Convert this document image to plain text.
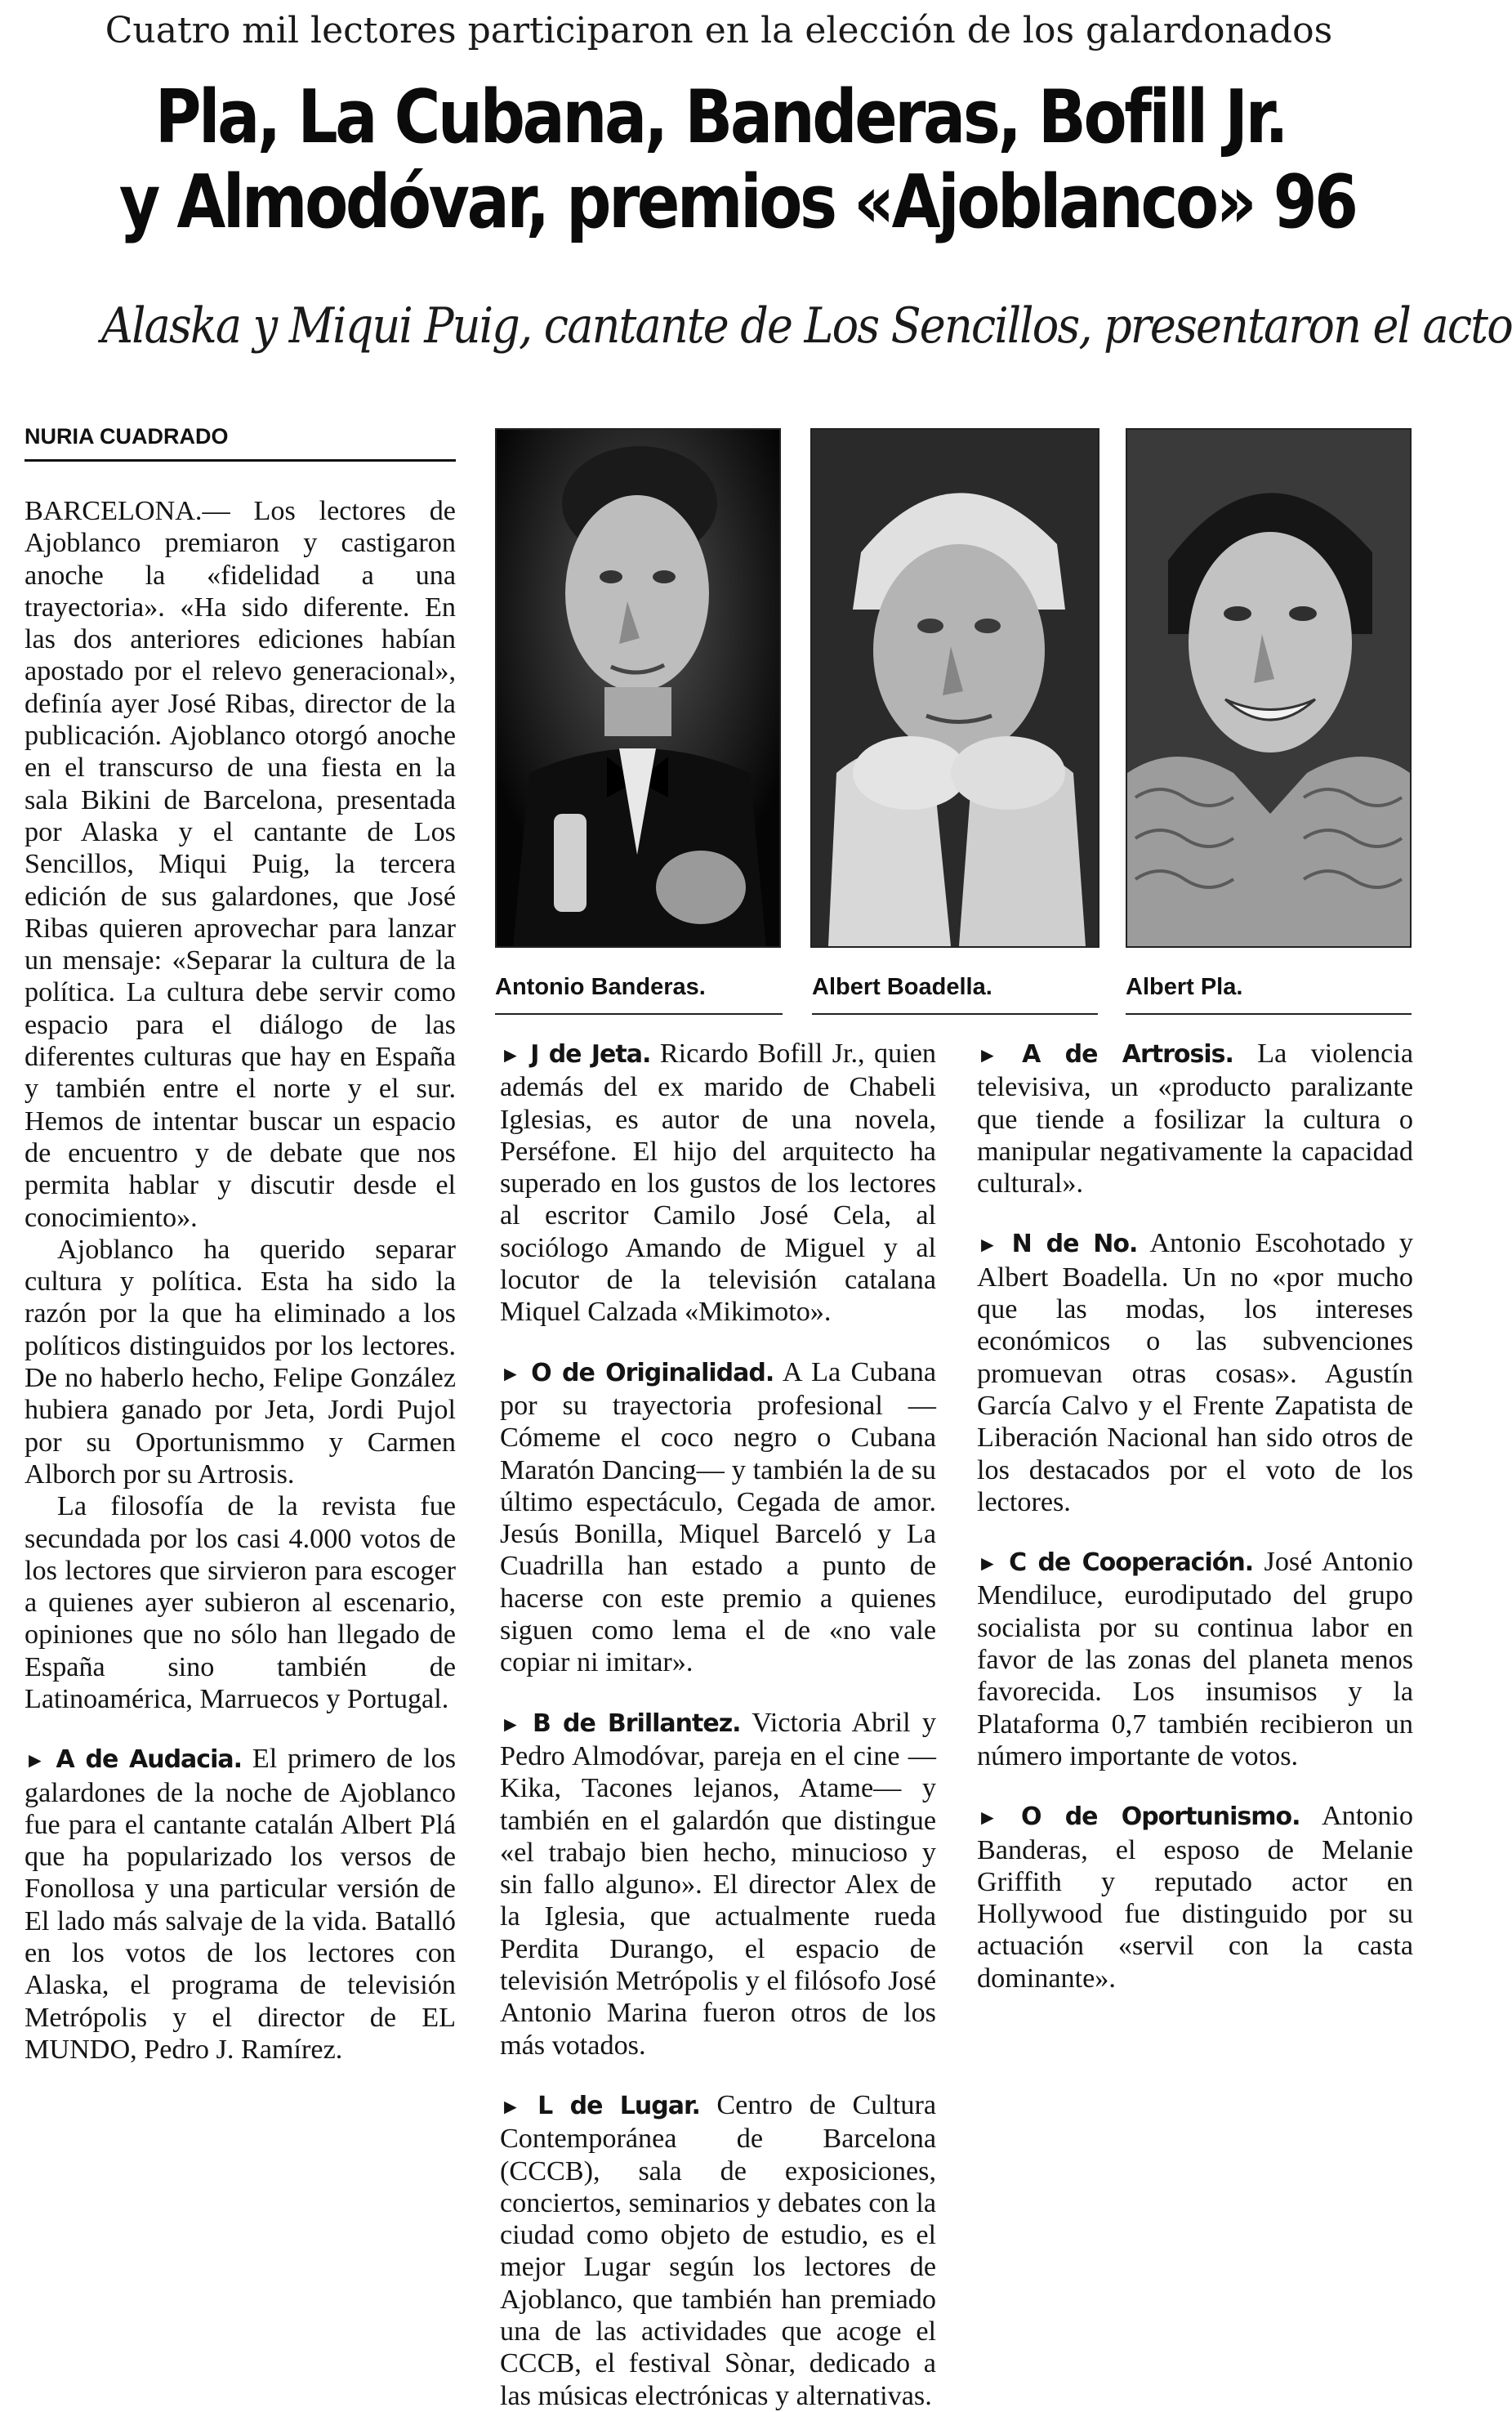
Cuatro mil lectores participaron en la elección de los galardonados
Pla, La Cubana, Banderas, Bofill Jr.
y Almodóvar, premios «Ajoblanco» 96
Alaska y Miqui Puig, cantante de Los Sencillos, presentaron el acto
NURIA CUADRADO

BARCELONA.— Los lectores de Ajoblanco premiaron y castigaron anoche la «fidelidad a una trayectoria». «Ha sido diferente. En las dos anteriores ediciones habían apostado por el relevo generacional», definía ayer José Ribas, director de la publicación. Ajoblanco otorgó anoche en el transcurso de una fiesta en la sala Bikini de Barcelona, presentada por Alaska y el cantante de Los Sencillos, Miqui Puig, la tercera edición de sus galardones, que José Ribas quieren aprovechar para lanzar un mensaje: «Separar la cultura de la política. La cultura debe servir como espacio para el diálogo de las diferentes culturas que hay en España y también entre el norte y el sur. Hemos de intentar buscar un espacio de encuentro y de debate que nos permita hablar y discutir desde el conocimiento».

Ajoblanco ha querido separar cultura y política. Esta ha sido la razón por la que ha eliminado a los políticos distinguidos por los lectores. De no haberlo hecho, Felipe González hubiera ganado por Jeta, Jordi Pujol por su Oportunismmo y Carmen Alborch por su Artrosis.

La filosofía de la revista fue secundada por los casi 4.000 votos de los lectores que sirvieron para escoger a quienes ayer subieron al escenario, opiniones que no sólo han llegado de España sino también de Latinoamérica, Marruecos y Portugal.

► A de Audacia. El primero de los galardones de la noche de Ajoblanco fue para el cantante catalán Albert Plá que ha popularizado los versos de Fonollosa y una particular versión de El lado más salvaje de la vida. Batalló en los votos de los lectores con Alaska, el programa de televisión Metrópolis y el director de EL MUNDO, Pedro J. Ramírez.

Antonio Banderas.	Albert Boadella.	Albert Pla.

► J de Jeta. Ricardo Bofill Jr., quien además del ex marido de Chabeli Iglesias, es autor de una novela, Perséfone. El hijo del arquitecto ha superado en los gustos de los lectores al escritor Camilo José Cela, al sociólogo Amando de Miguel y al locutor de la televisión catalana Miquel Calzada «Mikimoto».

► O de Originalidad. A La Cubana por su trayectoria profesional —Cómeme el coco negro o Cubana Maratón Dancing— y también la de su último espectáculo, Cegada de amor. Jesús Bonilla, Miquel Barceló y La Cuadrilla han estado a punto de hacerse con este premio a quienes siguen como lema el de «no vale copiar ni imitar».

► B de Brillantez. Victoria Abril y Pedro Almodóvar, pareja en el cine —Kika, Tacones lejanos, Atame— y también en el galardón que distingue «el trabajo bien hecho, minucioso y sin fallo alguno». El director Alex de la Iglesia, que actualmente rueda Perdita Durango, el espacio de televisión Metrópolis y el filósofo José Antonio Marina fueron otros de los más votados.

► L de Lugar. Centro de Cultura Contemporánea de Barcelona (CCCB), sala de exposiciones, conciertos, seminarios y debates con la ciudad como objeto de estudio, es el mejor Lugar según los lectores de Ajoblanco, que también han premiado una de las actividades que acoge el CCCB, el festival Sònar, dedicado a las músicas electrónicas y alternativas.

► A de Artrosis. La violencia televisiva, un «producto paralizante que tiende a fosilizar la cultura o manipular negativamente la capacidad cultural».

► N de No. Antonio Escohotado y Albert Boadella. Un no «por mucho que las modas, los intereses económicos o las subvenciones promuevan otras cosas». Agustín García Calvo y el Frente Zapatista de Liberación Nacional han sido otros de los destacados por el voto de los lectores.

► C de Cooperación. José Antonio Mendiluce, eurodiputado del grupo socialista por su continua labor en favor de las zonas del planeta menos favorecida. Los insumisos y la Plataforma 0,7 también recibieron un número importante de votos.

► O de Oportunismo. Antonio Banderas, el esposo de Melanie Griffith y reputado actor en Hollywood fue distinguido por su actuación «servil con la casta dominante».
